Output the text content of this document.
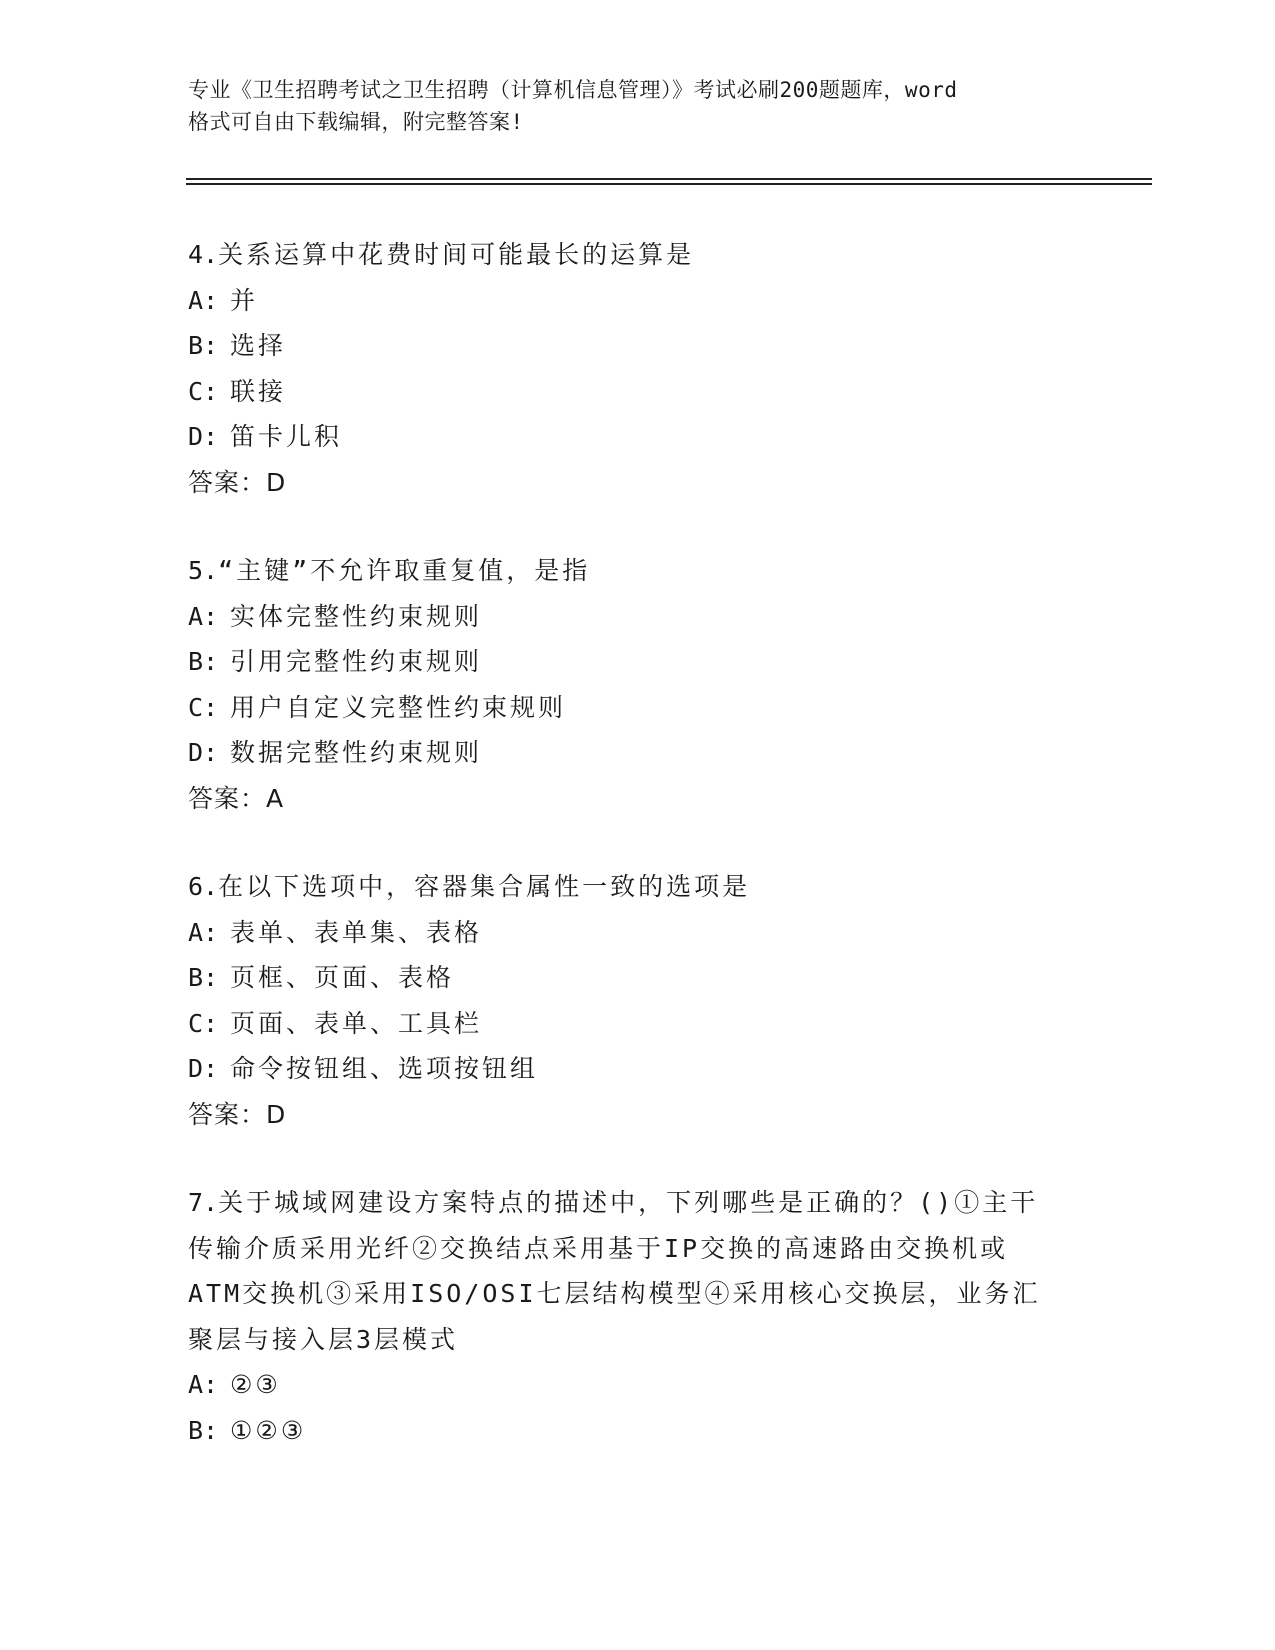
专业《卫生招聘考试之卫生招聘（计算机信息管理）》考试必刷200题题库，word
格式可自由下载编辑，附完整答案!

4.关系运算中花费时间可能最长的运算是

A: 并

B: 选择

C: 联接

D: 笛卡儿积

答案：D

5.“主键”不允许取重复值，是指

A: 实体完整性约束规则

B: 引用完整性约束规则

C: 用户自定义完整性约束规则

D: 数据完整性约束规则

答案：A

6.在以下选项中，容器集合属性一致的选项是

A: 表单、表单集、表格

B: 页框、页面、表格

C: 页面、表单、工具栏

D: 命令按钮组、选项按钮组

答案：D

7.关于城域网建设方案特点的描述中，下列哪些是正确的？()①主干

传输介质采用光纤②交换结点采用基于IP交换的高速路由交换机或

ATM交换机③采用ISO/OSI七层结构模型④采用核心交换层，业务汇

聚层与接入层3层模式

A: ②③

B: ①②③
